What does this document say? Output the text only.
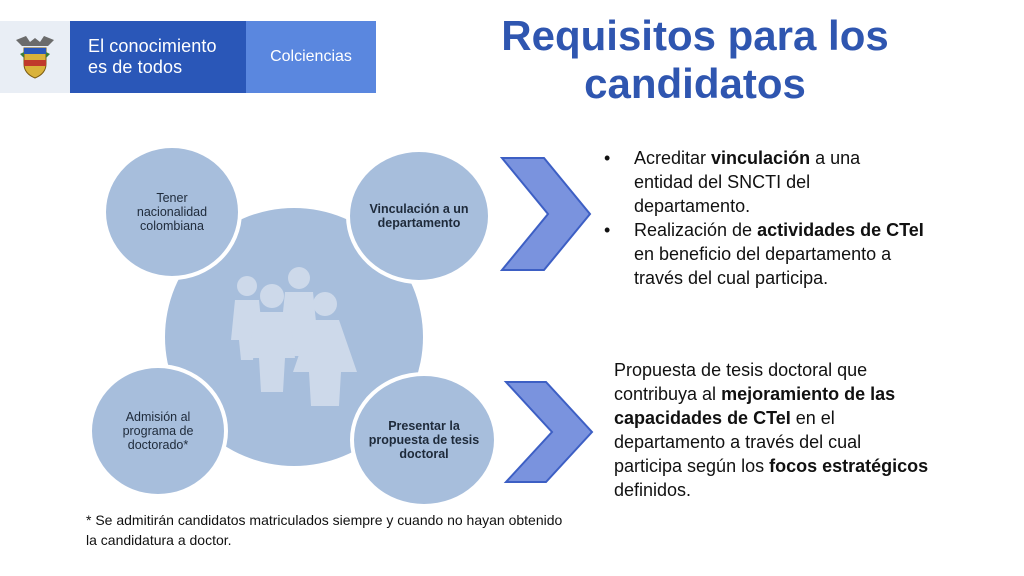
El conocimiento
es de todos
Colciencias	Requisitos para los candidatos
Tener nacionalidad colombiana
Vinculación a un departamento
Admisión al programa de doctorado*
Presentar la propuesta de tesis doctoral
• Acreditar vinculación a una entidad del SNCTI del departamento.
• Realización de actividades de CTeI en beneficio del departamento a través del cual participa.

Propuesta de tesis doctoral que contribuya al mejoramiento de las capacidades de CTeI en el departamento a través del cual participa según los focos estratégicos definidos.

* Se admitirán candidatos matriculados siempre y cuando no hayan obtenido la candidatura a doctor.
